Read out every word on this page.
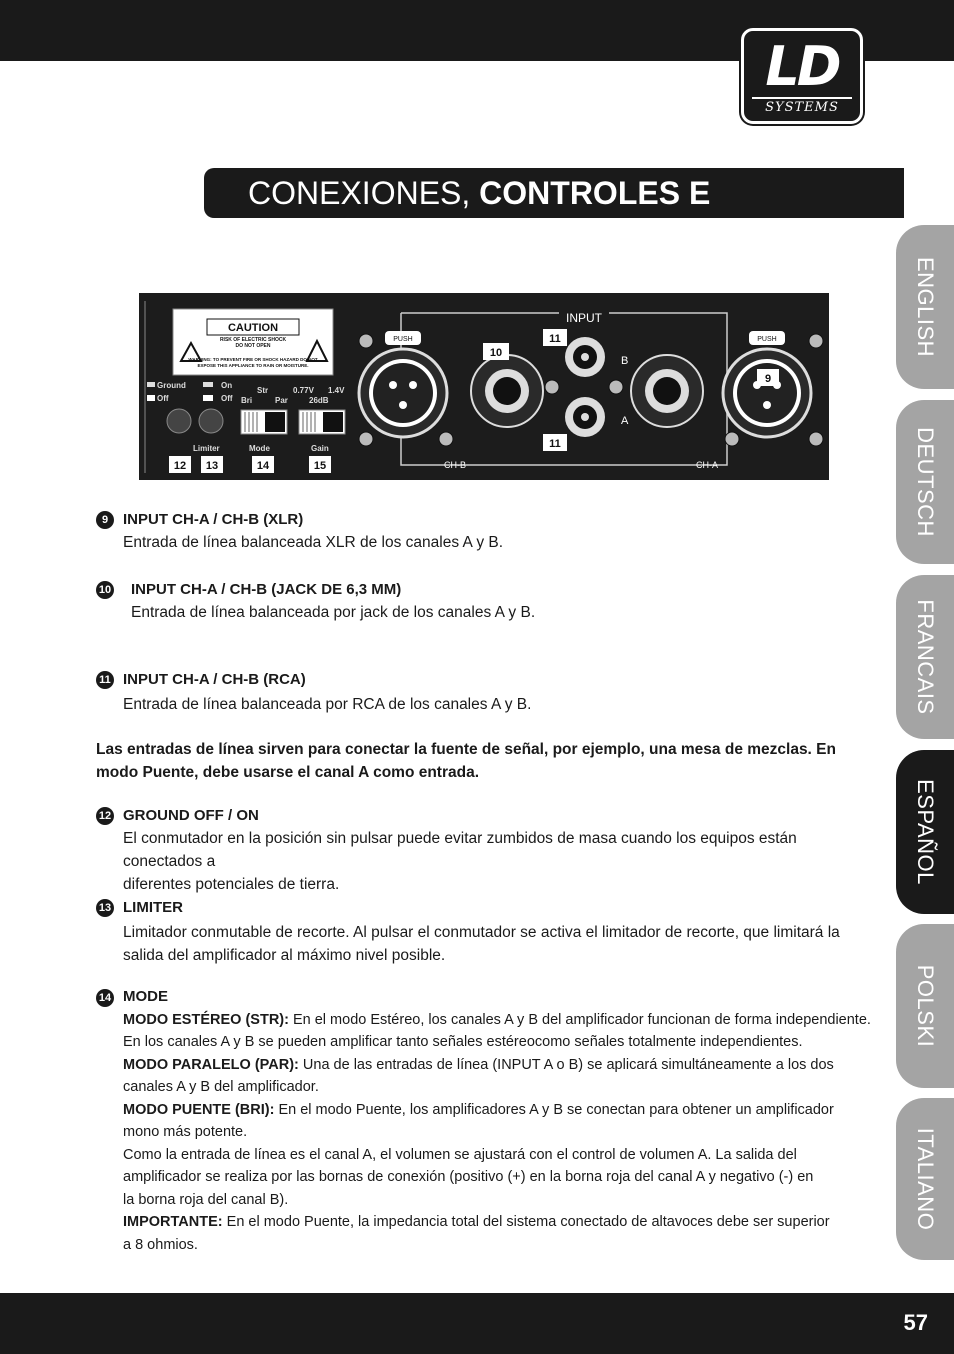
LD
SYSTEMS
CONEXIONES, CONTROLES E INDICADORES:
ENGLISH
DEUTSCH
FRANCAIS
ESPAÑOL
POLSKI
ITALIANO
CAUTION
RISK OF ELECTRIC SHOCK
DO NOT OPEN
WARNING: TO PREVENT FIRE OR SHOCK HAZARD DO NOT
EXPOSE THIS APPLIANCE TO RAIN OR MOISTURE.
Ground
Off
On
Off
Str
Bri	Par
0.77V 1.4V
26dB
Limiter	Mode	Gain
12 13	14	15
INPUT
CH-B	CH-A
PUSH
10
B
A
11
11
PUSH
9
9 INPUT CH-A / CH-B (XLR)
Entrada de línea balanceada XLR de los canales A y B.
10 INPUT CH-A / CH-B (JACK DE 6,3 MM)
Entrada de línea balanceada por jack de los canales A y B.
11 INPUT CH-A / CH-B (RCA)
Entrada de línea balanceada por RCA de los canales A y B.
Las entradas de línea sirven para conectar la fuente de señal, por ejemplo, una mesa de mezclas. En
modo Puente, debe usarse el canal A como entrada.
12 GROUND OFF / ON
El conmutador en la posición sin pulsar puede evitar zumbidos de masa cuando los equipos están conectados a
diferentes potenciales de tierra.
13 LIMITER
Limitador conmutable de recorte. Al pulsar el conmutador se activa el limitador de recorte, que limitará la
salida del amplificador al máximo nivel posible.
14 MODE
MODO ESTÉREO (STR): En el modo Estéreo, los canales A y B del amplificador funcionan de forma independiente.
En los canales A y B se pueden amplificar tanto señales estéreocomo señales totalmente independientes.
MODO PARALELO (PAR): Una de las entradas de línea (INPUT A o B) se aplicará simultáneamente a los dos
canales A y B del amplificador.
MODO PUENTE (BRI): En el modo Puente, los amplificadores A y B se conectan para obtener un amplificador
mono más potente.
Como la entrada de línea es el canal A, el volumen se ajustará con el control de volumen A. La salida del
amplificador se realiza por las bornas de conexión (positivo (+) en la borna roja del canal A y negativo (-) en
la borna roja del canal B).
IMPORTANTE: En el modo Puente, la impedancia total del sistema conectado de altavoces debe ser superior
a 8 ohmios.
57
